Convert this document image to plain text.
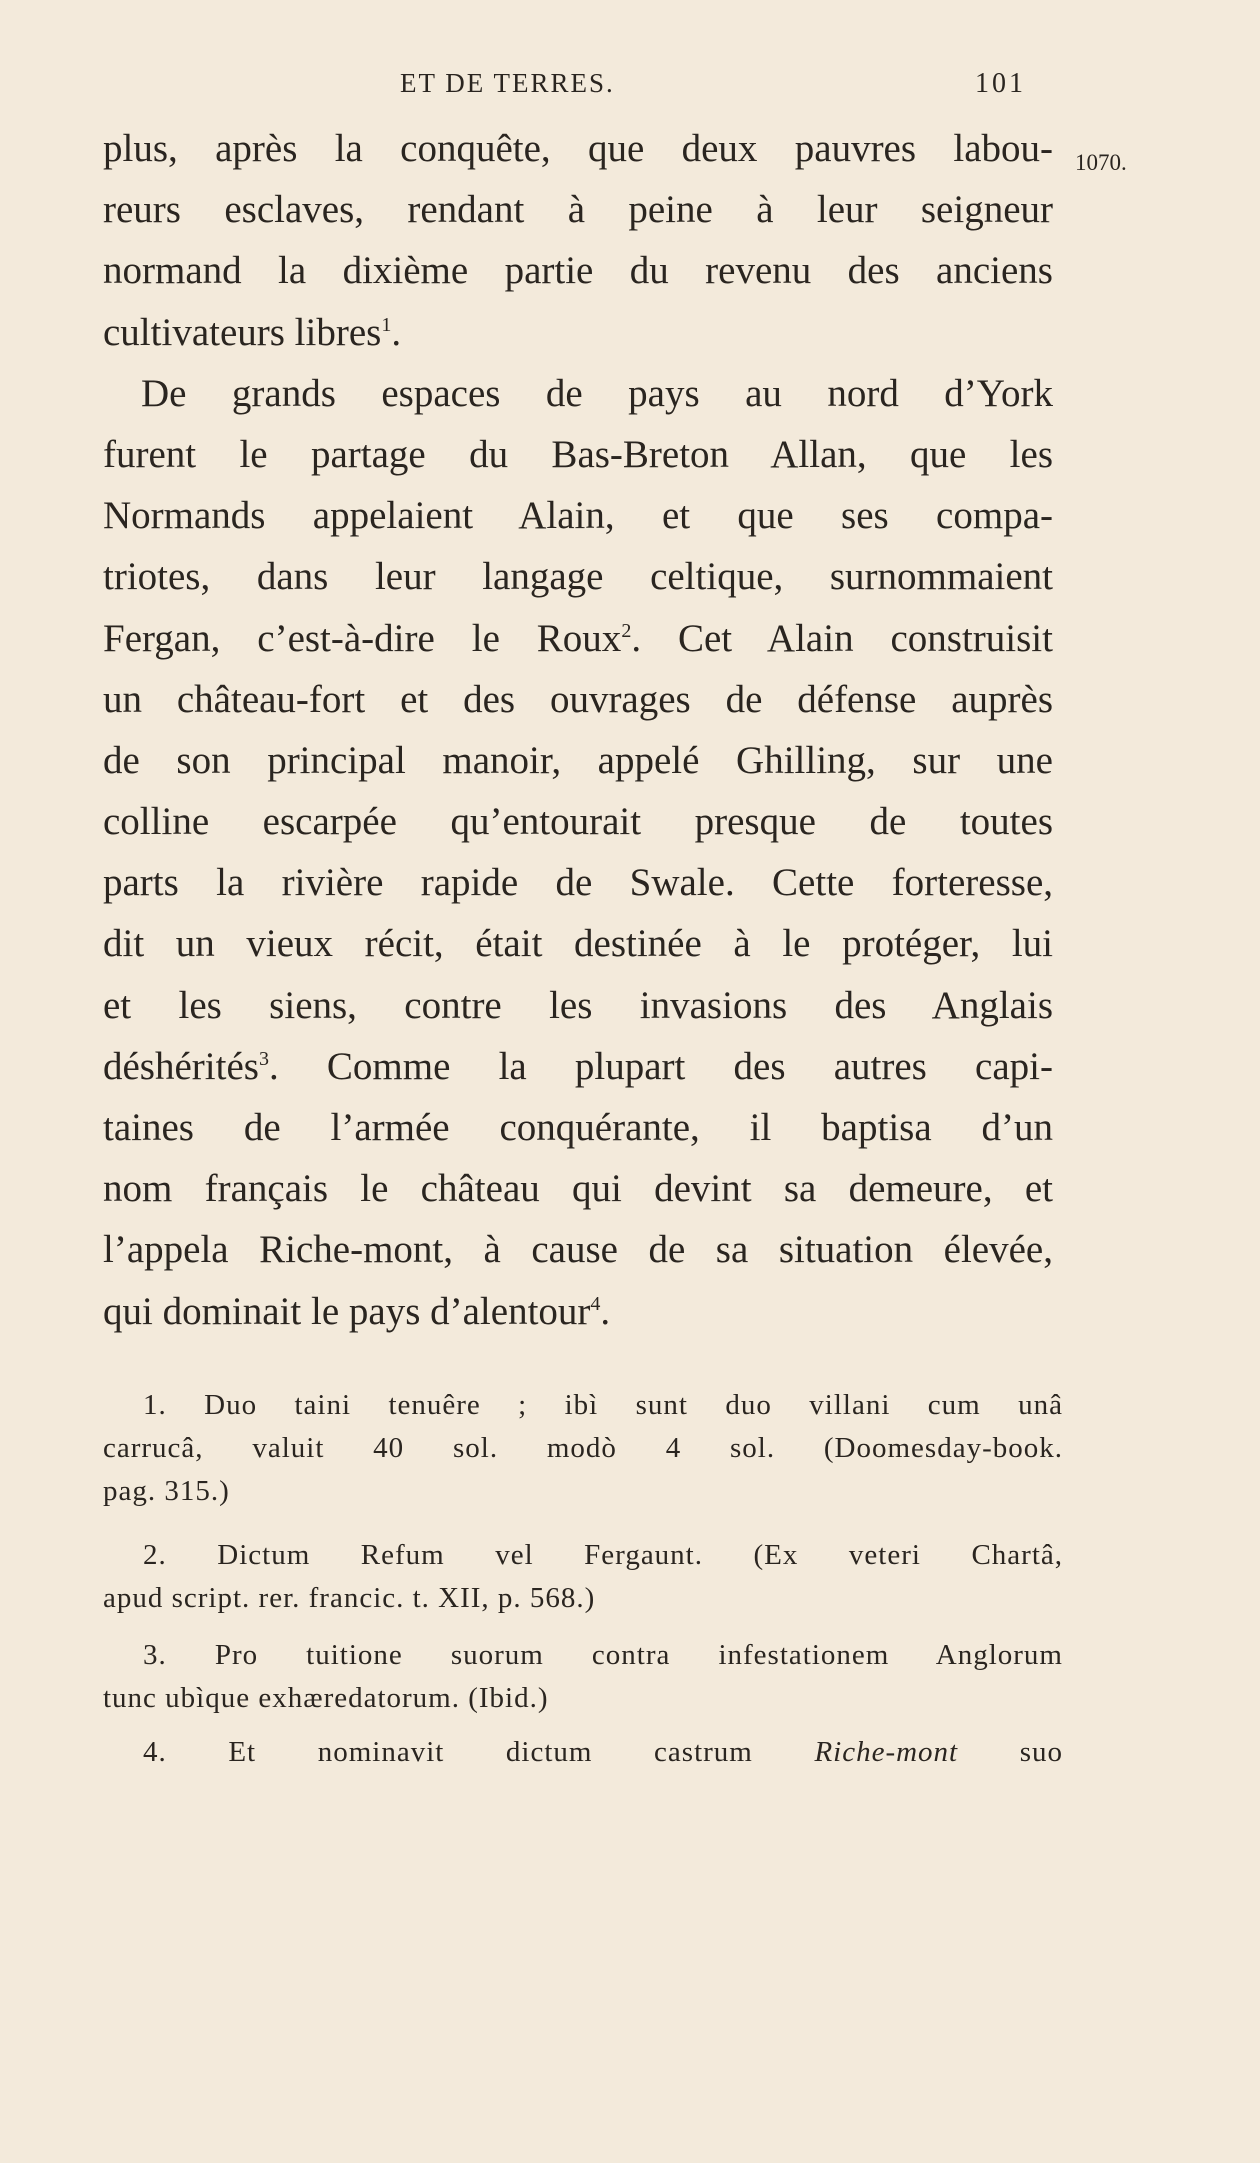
ET DE TERRES.	101
1070.
plus, après la conquête, que deux pauvres labou-
reurs esclaves, rendant à peine à leur seigneur
normand la dixième partie du revenu des anciens
cultivateurs libres$^1$.
De grands espaces de pays au nord d’York
furent le partage du Bas-Breton Allan, que les
Normands appelaient Alain, et que ses compa-
triotes, dans leur langage celtique, surnommaient
Fergan, c’est-à-dire le Roux$^2$. Cet Alain construisit
un château-fort et des ouvrages de défense auprès
de son principal manoir, appelé Ghilling, sur une
colline escarpée qu’entourait presque de toutes
parts la rivière rapide de Swale. Cette forteresse,
dit un vieux récit, était destinée à le protéger, lui
et les siens, contre les invasions des Anglais
déshérités$^3$. Comme la plupart des autres capi-
taines de l’armée conquérante, il baptisa d’un
nom français le château qui devint sa demeure, et
l’appela Riche-mont, à cause de sa situation élevée,
qui dominait le pays d’alentour$^4$.
1. Duo taini tenuêre ; ibì sunt duo villani cum unâ
carrucâ, valuit 40 sol. modò 4 sol. (Doomesday-book.
pag. 315.)
2. Dictum Refum vel Fergaunt. (Ex veteri Chartâ,
apud script. rer. francic. t. XII, p. 568.)
3. Pro tuitione suorum contra infestationem Anglorum
tunc ubìque exhæredatorum. (Ibid.)
4. Et nominavit dictum castrum Riche-mont suo
